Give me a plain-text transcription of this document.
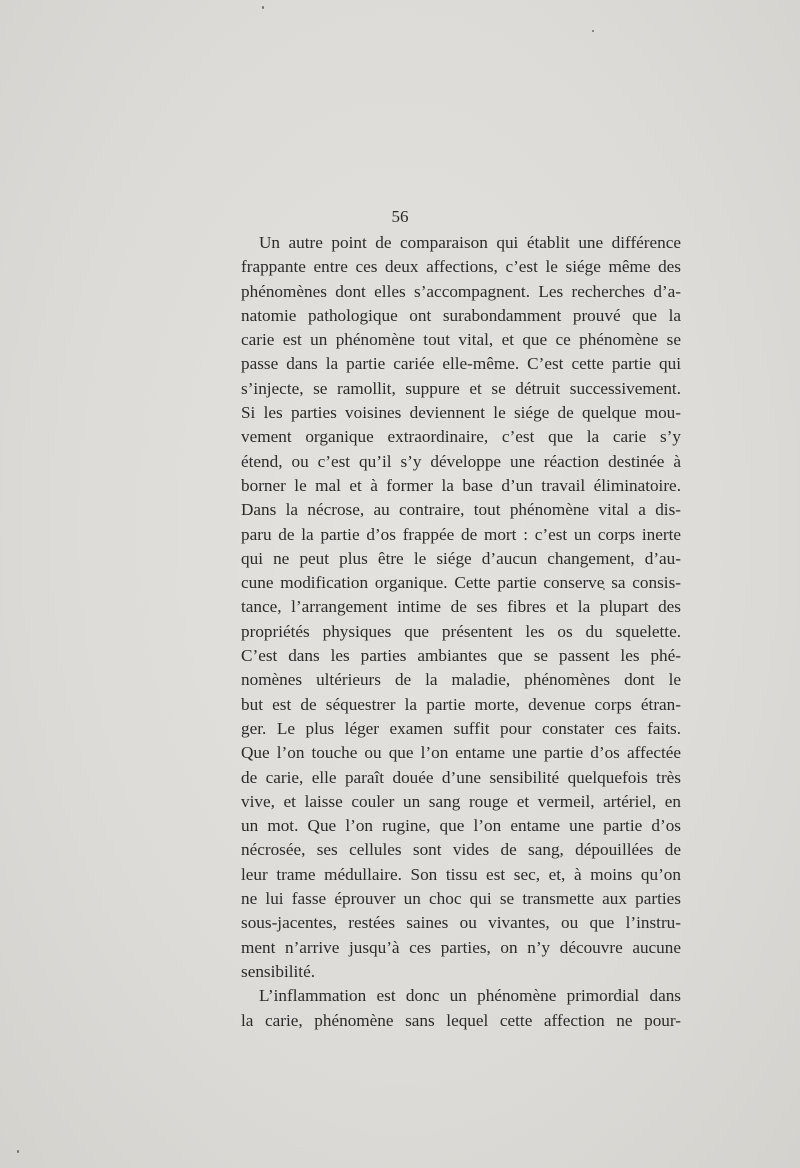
56
Un autre point de comparaison qui établit une différence
frappante entre ces deux affections, c’est le siége même des
phénomènes dont elles s’accompagnent. Les recherches d’a-
natomie pathologique ont surabondamment prouvé que la
carie est un phénomène tout vital, et que ce phénomène se
passe dans la partie cariée elle-même. C’est cette partie qui
s’injecte, se ramollit, suppure et se détruit successivement.
Si les parties voisines deviennent le siége de quelque mou-
vement organique extraordinaire, c’est que la carie s’y
étend, ou c’est qu’il s’y développe une réaction destinée à
borner le mal et à former la base d’un travail éliminatoire.
Dans la nécrose, au contraire, tout phénomène vital a dis-
paru de la partie d’os frappée de mort : c’est un corps inerte
qui ne peut plus être le siége d’aucun changement, d’au-
cune modification organique. Cette partie conserve sa consis-
tance, l’arrangement intime de ses fibres et la plupart des
propriétés physiques que présentent les os du squelette.
C’est dans les parties ambiantes que se passent les phé-
nomènes ultérieurs de la maladie, phénomènes dont le
but est de séquestrer la partie morte, devenue corps étran-
ger. Le plus léger examen suffit pour constater ces faits.
Que l’on touche ou que l’on entame une partie d’os affectée
de carie, elle paraît douée d’une sensibilité quelquefois très
vive, et laisse couler un sang rouge et vermeil, artériel, en
un mot. Que l’on rugine, que l’on entame une partie d’os
nécrosée, ses cellules sont vides de sang, dépouillées de
leur trame médullaire. Son tissu est sec, et, à moins qu’on
ne lui fasse éprouver un choc qui se transmette aux parties
sous-jacentes, restées saines ou vivantes, ou que l’instru-
ment n’arrive jusqu’à ces parties, on n’y découvre aucune
sensibilité.
L’inflammation est donc un phénomène primordial dans
la carie, phénomène sans lequel cette affection ne pour-
